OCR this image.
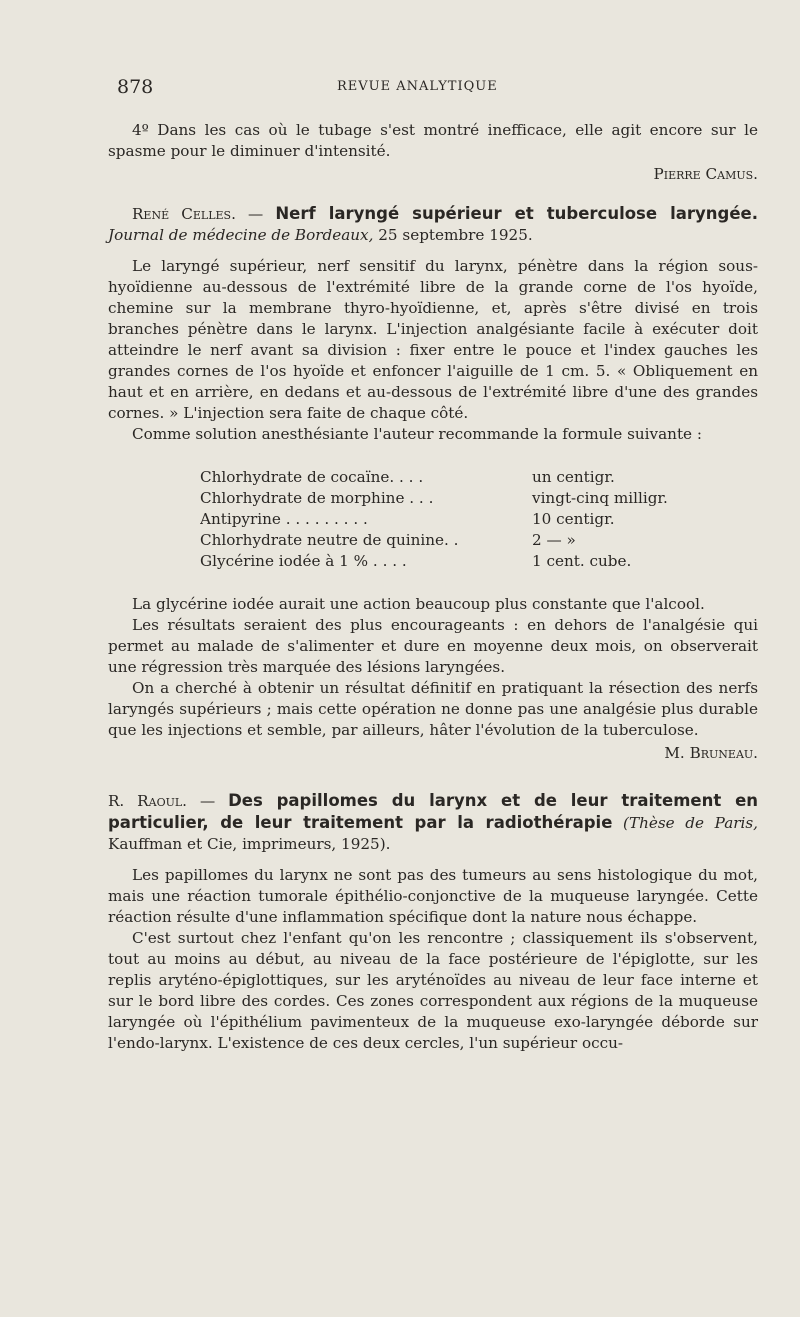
878	REVUE ANALYTIQUE

4º Dans les cas où le tubage s'est montré inefficace, elle agit encore sur le spasme pour le diminuer d'intensité.

Pierre Camus.

René Celles. — Nerf laryngé supérieur et tuberculose laryngée. Journal de médecine de Bordeaux, 25 septembre 1925.

Le laryngé supérieur, nerf sensitif du larynx, pénètre dans la région sous-hyoïdienne au-dessous de l'extrémité libre de la grande corne de l'os hyoïde, chemine sur la membrane thyro-hyoïdienne, et, après s'être divisé en trois branches pénètre dans le larynx. L'injection analgésiante facile à exécuter doit atteindre le nerf avant sa division : fixer entre le pouce et l'index gauches les grandes cornes de l'os hyoïde et enfoncer l'aiguille de 1 cm. 5. « Obliquement en haut et en arrière, en dedans et au-dessous de l'extrémité libre d'une des grandes cornes. » L'injection sera faite de chaque côté.

Comme solution anesthésiante l'auteur recommande la formule suivante :

Chlorhydrate de cocaïne. . . .	un centigr.
Chlorhydrate de morphine . . .	vingt-cinq milligr.
Antipyrine . . . . . . . . .	10 centigr.
Chlorhydrate neutre de quinine. .	2 — »
Glycérine iodée à 1 % . . . .	1 cent. cube.

La glycérine iodée aurait une action beaucoup plus constante que l'alcool.

Les résultats seraient des plus encourageants : en dehors de l'analgésie qui permet au malade de s'alimenter et dure en moyenne deux mois, on observerait une régression très marquée des lésions laryngées.

On a cherché à obtenir un résultat définitif en pratiquant la résection des nerfs laryngés supérieurs ; mais cette opération ne donne pas une analgésie plus durable que les injections et semble, par ailleurs, hâter l'évolution de la tuberculose.

M. Bruneau.

R. Raoul. — Des papillomes du larynx et de leur traitement en particulier, de leur traitement par la radiothérapie (Thèse de Paris, Kauffman et Cie, imprimeurs, 1925).

Les papillomes du larynx ne sont pas des tumeurs au sens histologique du mot, mais une réaction tumorale épithélio-conjonctive de la muqueuse laryngée. Cette réaction résulte d'une inflammation spécifique dont la nature nous échappe.

C'est surtout chez l'enfant qu'on les rencontre ; classiquement ils s'observent, tout au moins au début, au niveau de la face postérieure de l'épiglotte, sur les replis aryténo-épiglottiques, sur les aryténoïdes au niveau de leur face interne et sur le bord libre des cordes. Ces zones correspondent aux régions de la muqueuse laryngée où l'épithélium pavimenteux de la muqueuse exo-laryngée déborde sur l'endo-larynx. L'existence de ces deux cercles, l'un supérieur occu-
